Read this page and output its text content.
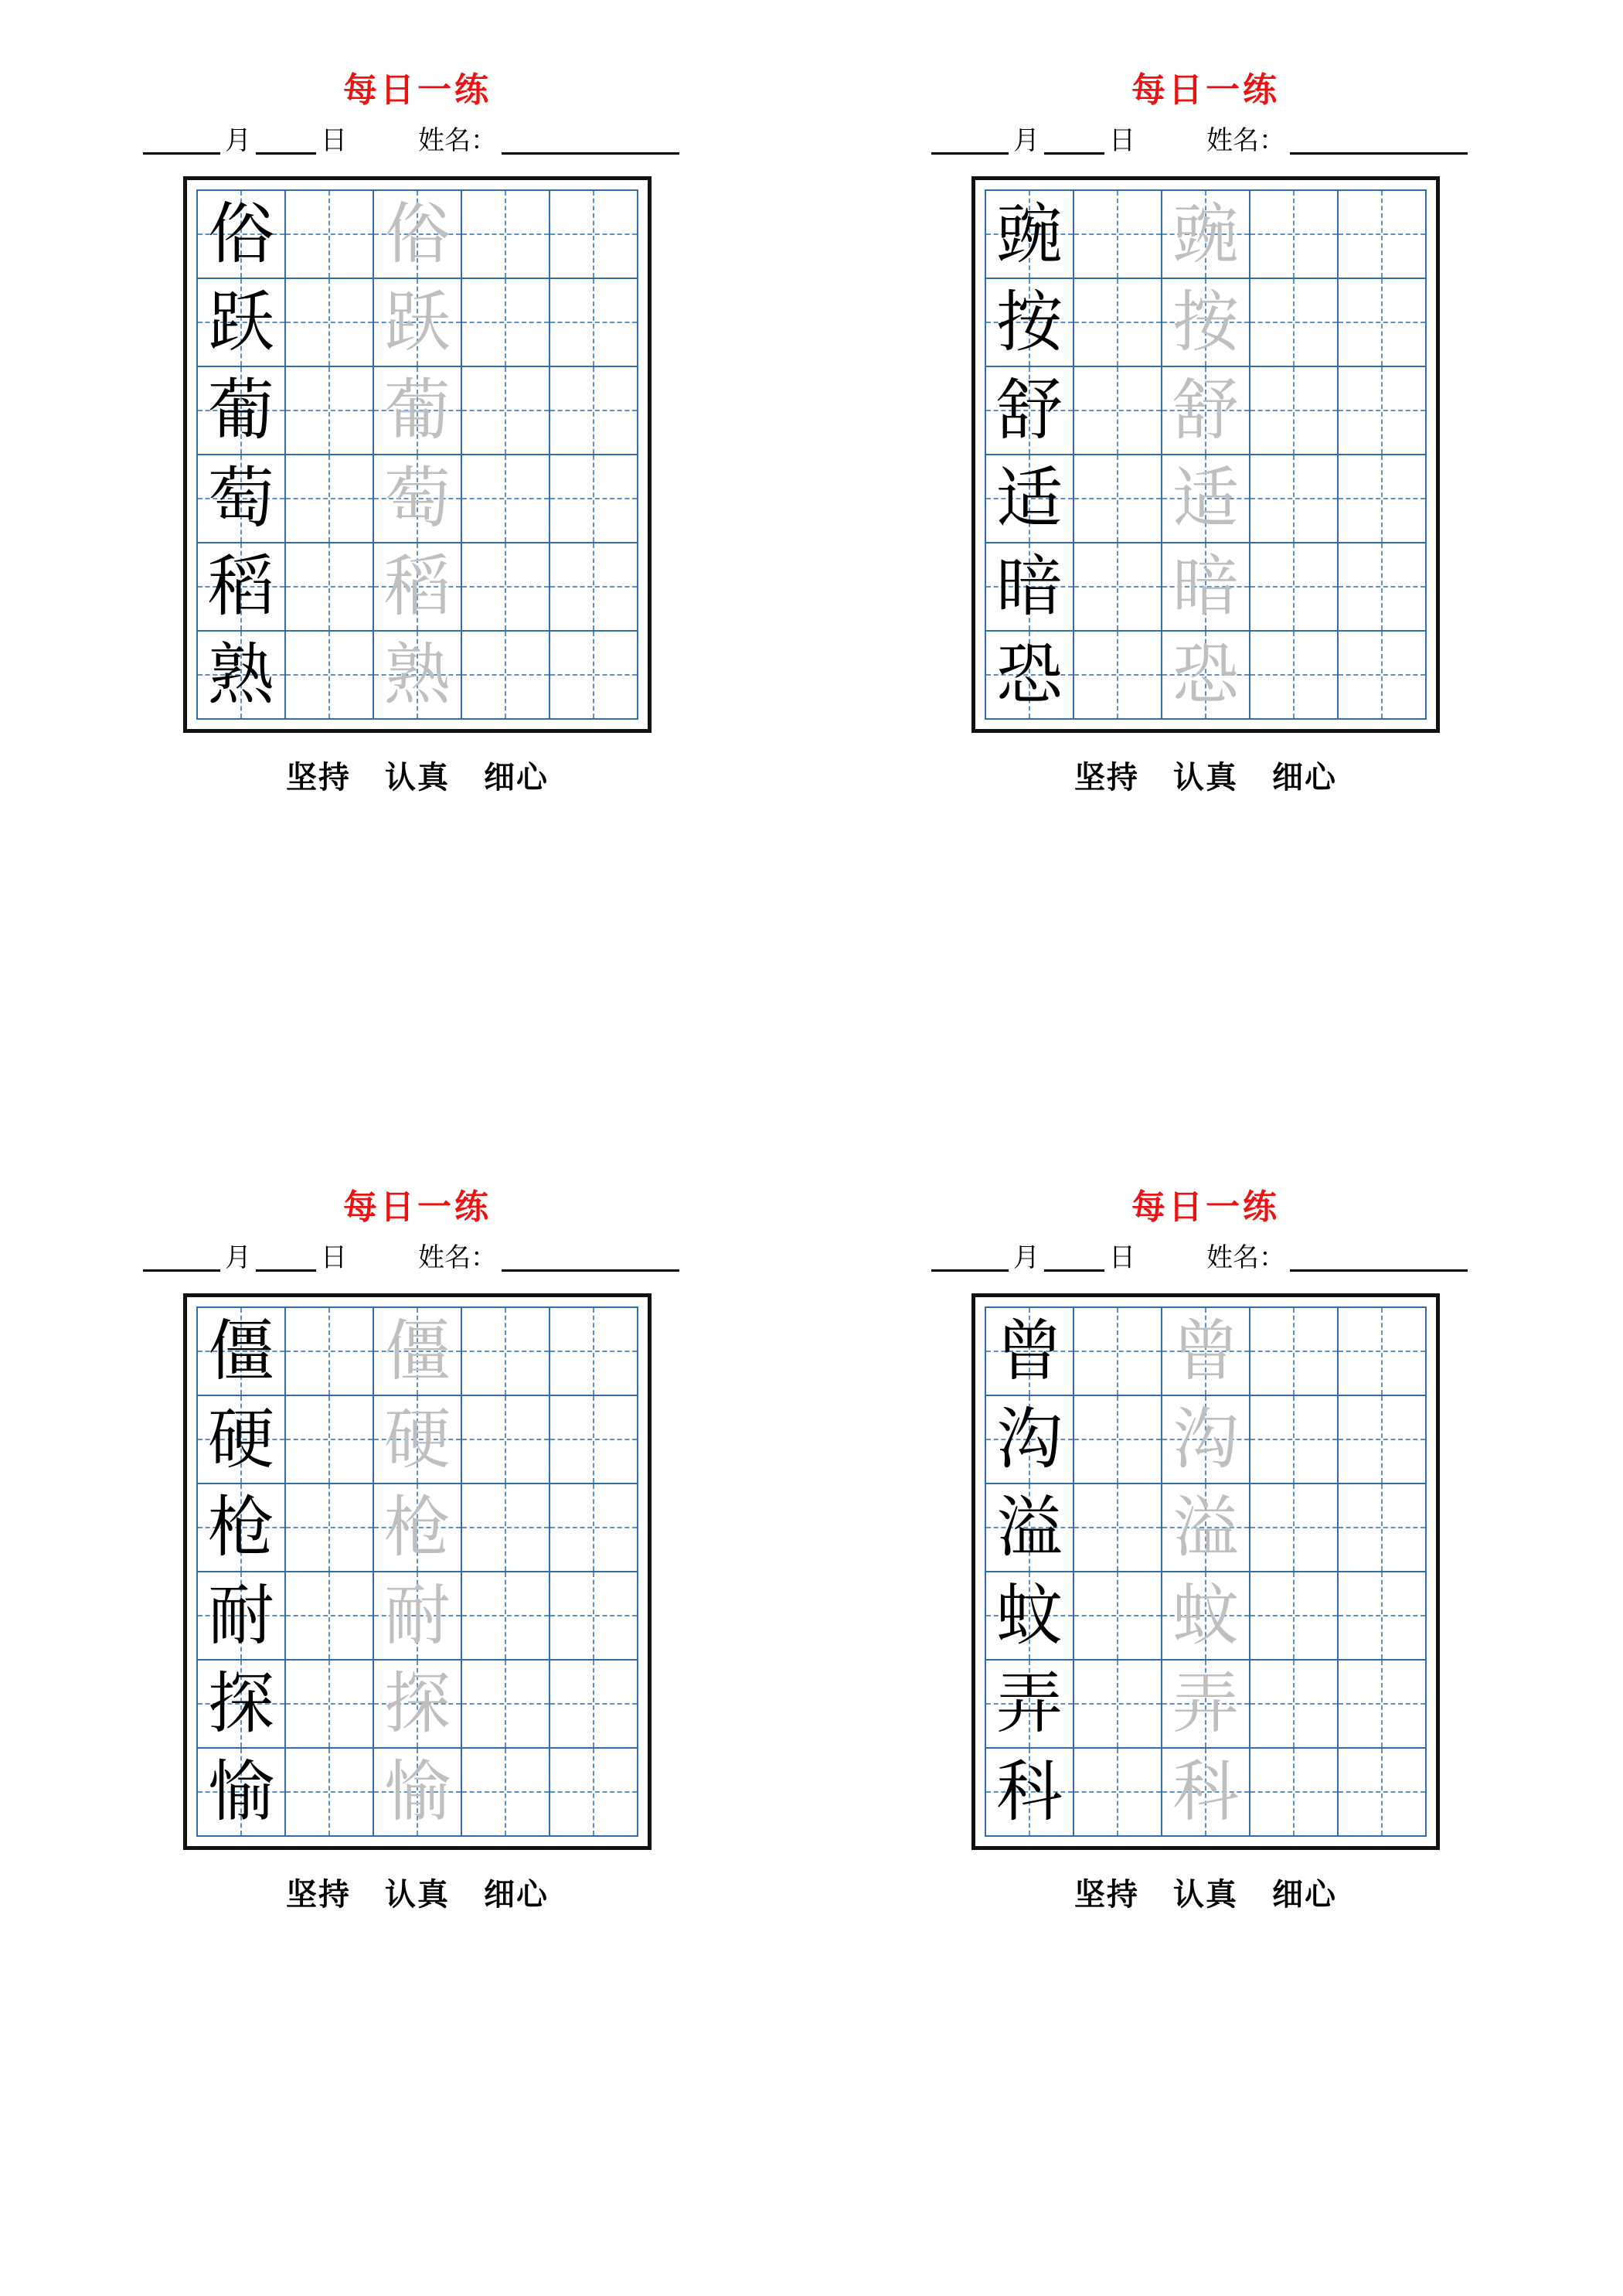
每日一练
月	日	姓名：
俗 俗
跃 跃
葡 葡
萄 萄
稻 稻
熟 熟
坚持 认真 细心
每日一练
月	日	姓名：
豌 豌
按 按
舒 舒
适 适
暗 暗
恐 恐
坚持 认真 细心
每日一练
月	日	姓名：
僵 僵
硬 硬
枪 枪
耐 耐
探 探
愉 愉
坚持 认真 细心
每日一练
月	日	姓名：
曾 曾
沟 沟
溢 溢
蚊 蚊
弄 弄
科 科
坚持 认真 细心
